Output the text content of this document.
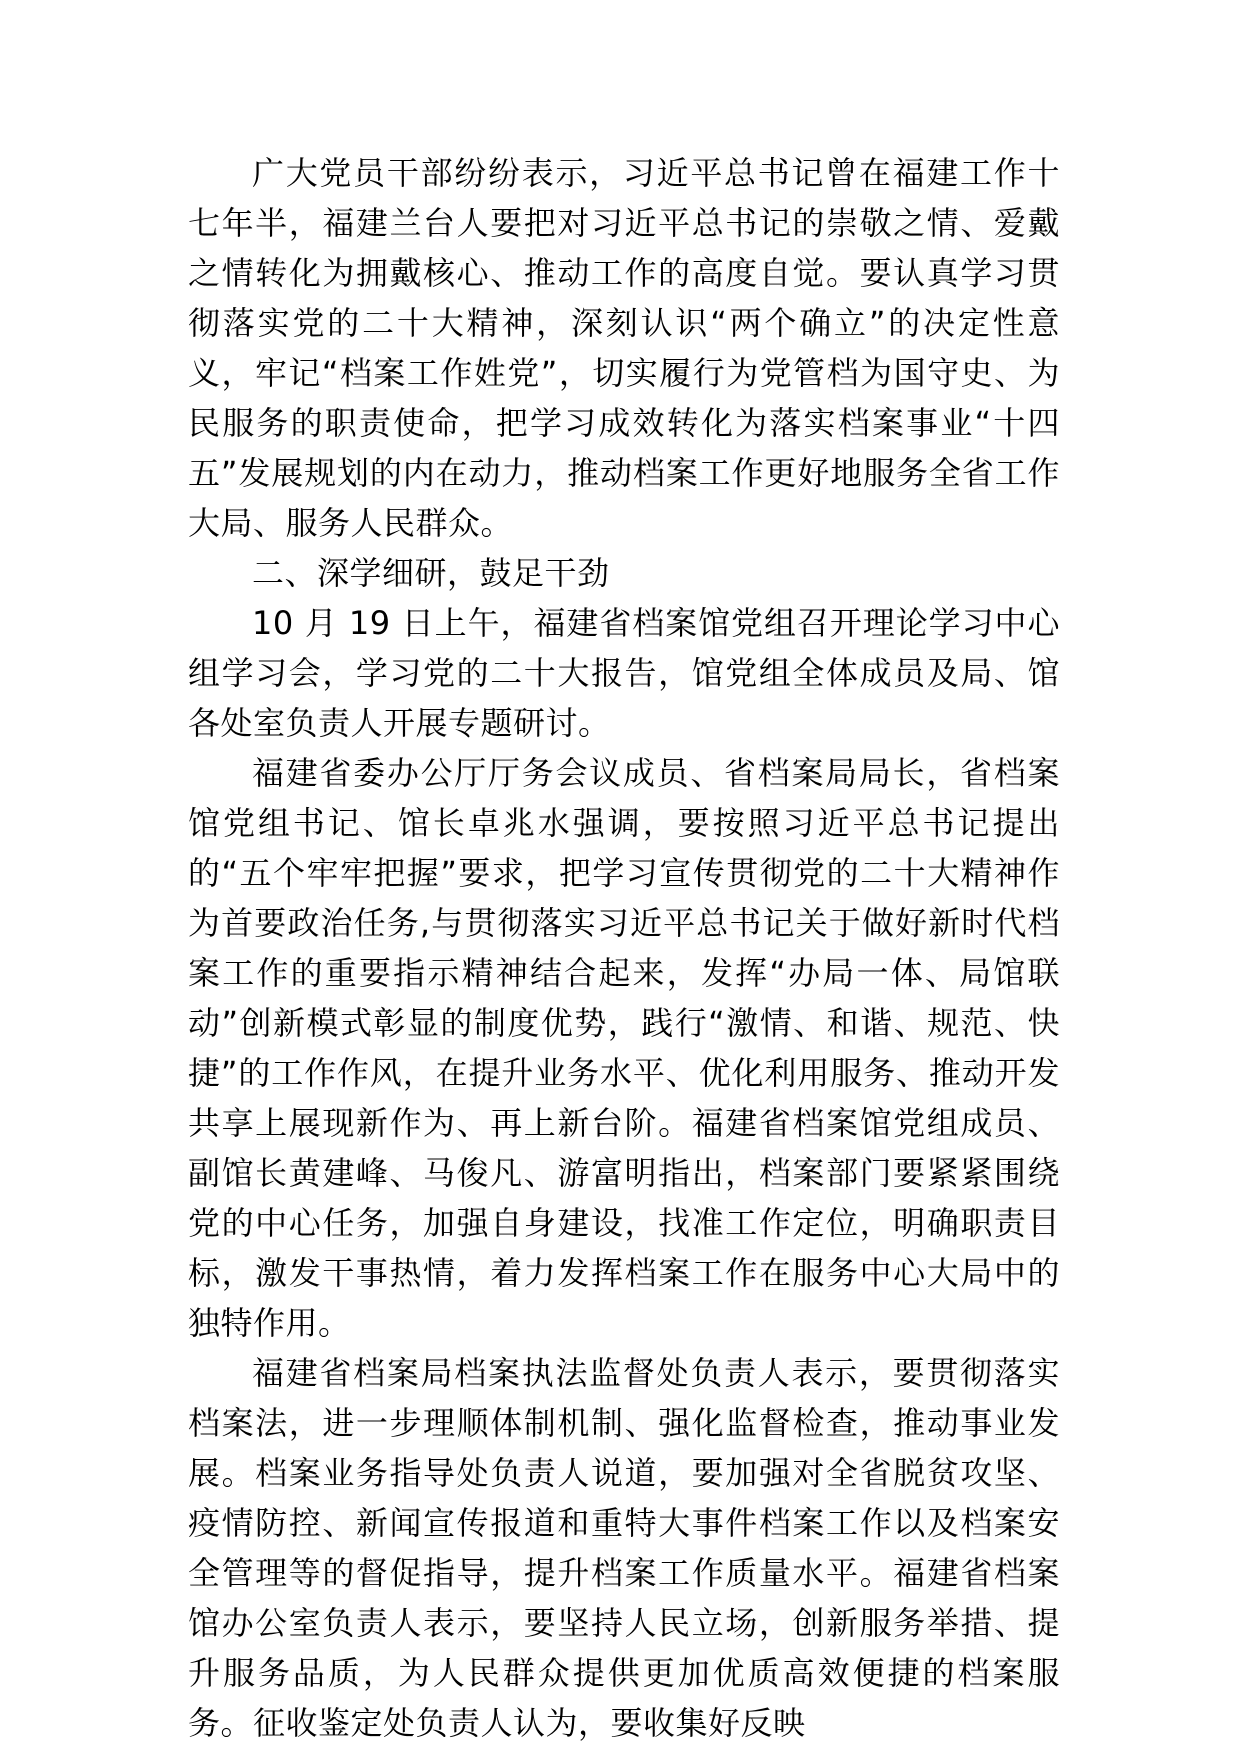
广大党员干部纷纷表示，习近平总书记曾在福建工作十七年半，福建兰台人要把对习近平总书记的崇敬之情、爱戴之情转化为拥戴核心、推动工作的高度自觉。要认真学习贯彻落实党的二十大精神，深刻认识“两个确立”的决定性意义，牢记“档案工作姓党”，切实履行为党管档为国守史、为民服务的职责使命，把学习成效转化为落实档案事业“十四五”发展规划的内在动力，推动档案工作更好地服务全省工作大局、服务人民群众。

二、深学细研，鼓足干劲

10 月 19 日上午，福建省档案馆党组召开理论学习中心组学习会，学习党的二十大报告，馆党组全体成员及局、馆各处室负责人开展专题研讨。

福建省委办公厅厅务会议成员、省档案局局长，省档案馆党组书记、馆长卓兆水强调，要按照习近平总书记提出的“五个牢牢把握”要求，把学习宣传贯彻党的二十大精神作为首要政治任务,与贯彻落实习近平总书记关于做好新时代档案工作的重要指示精神结合起来，发挥“办局一体、局馆联动”创新模式彰显的制度优势，践行“激情、和谐、规范、快捷”的工作作风，在提升业务水平、优化利用服务、推动开发共享上展现新作为、再上新台阶。福建省档案馆党组成员、副馆长黄建峰、马俊凡、游富明指出，档案部门要紧紧围绕党的中心任务，加强自身建设，找准工作定位，明确职责目标，激发干事热情，着力发挥档案工作在服务中心大局中的独特作用。

福建省档案局档案执法监督处负责人表示，要贯彻落实档案法，进一步理顺体制机制、强化监督检查，推动事业发展。档案业务指导处负责人说道，要加强对全省脱贫攻坚、疫情防控、新闻宣传报道和重特大事件档案工作以及档案安全管理等的督促指导，提升档案工作质量水平。福建省档案馆办公室负责人表示，要坚持人民立场，创新服务举措、提升服务品质，为人民群众提供更加优质高效便捷的档案服务。征收鉴定处负责人认为，要收集好反映
